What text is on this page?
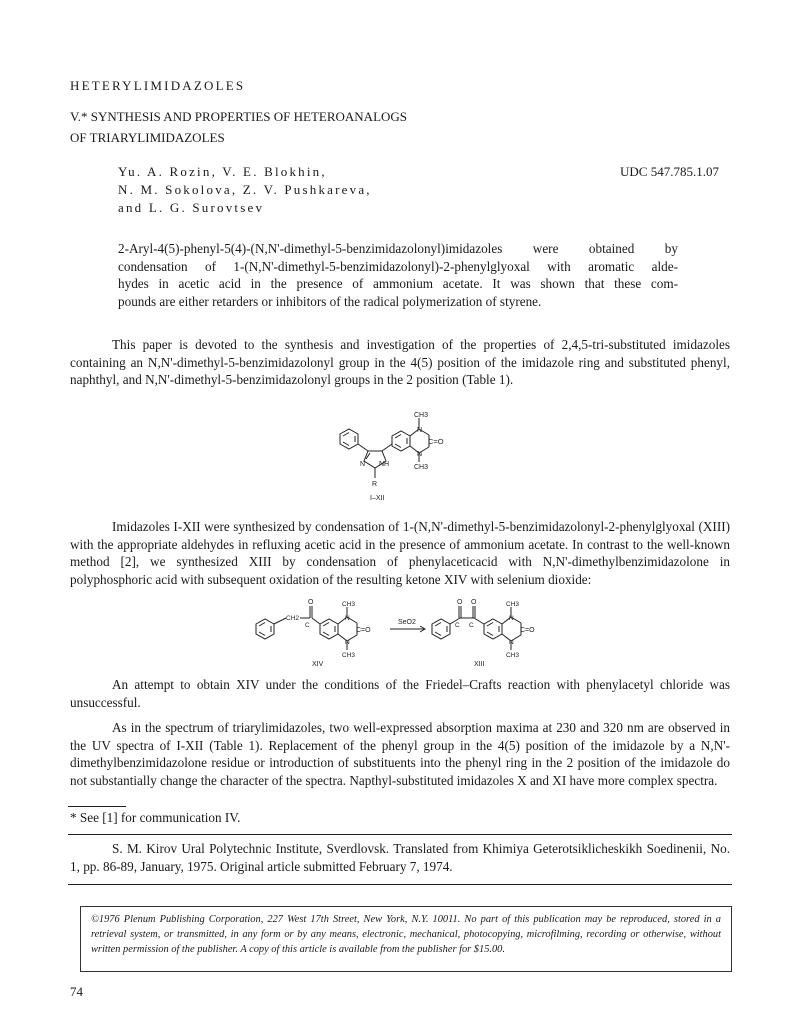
HETERYLIMIDAZOLES
V.* SYNTHESIS AND PROPERTIES OF HETEROANALOGS
OF TRIARYLIMIDAZOLES
Yu. A. Rozin, V. E. Blokhin,
N. M. Sokolova, Z. V. Pushkareva,
and L. G. Surovtsev
UDC 547.785.1.07
2-Aryl-4(5)-phenyl-5(4)-(N,N'-dimethyl-5-benzimidazolonyl)imidazoles were obtained by
condensation of 1-(N,N'-dimethyl-5-benzimidazolonyl)-2-phenylglyoxal with aromatic alde-
hydes in acetic acid in the presence of ammonium acetate. It was shown that these com-
pounds are either retarders or inhibitors of the radical polymerization of styrene.
This paper is devoted to the synthesis and investigation of the properties of 2,4,5-tri-substituted imidazoles containing an N,N'-dimethyl-5-benzimidazolonyl group in the 4(5) position of the imidazole ring and substituted phenyl, naphthyl, and N,N'-dimethyl-5-benzimidazolonyl groups in the 2 position (Table 1).
CH3
N
C=O
N
CH3
N NH
R
I–XII
Imidazoles I-XII were synthesized by condensation of 1-(N,N'-dimethyl-5-benzimidazolonyl-2-phenylglyoxal (XIII) with the appropriate aldehydes in refluxing acetic acid in the presence of ammonium acetate. In contrast to the well-known method [2], we synthesized XIII by condensation of phenylaceticacid with N,N'-dimethylbenzimidazolone in polyphosphoric acid with subsequent oxidation of the resulting ketone XIV with selenium dioxide:
O
CH2
C
CH3
N
C=O
N
CH3
XIV
SeO2
O O
C C
CH3
N
C=O
N
CH3
XIII
An attempt to obtain XIV under the conditions of the Friedel–Crafts reaction with phenylacetyl chloride was unsuccessful.
As in the spectrum of triarylimidazoles, two well-expressed absorption maxima at 230 and 320 nm are observed in the UV spectra of I-XII (Table 1). Replacement of the phenyl group in the 4(5) position of the imidazole by a N,N'-dimethylbenzimidazolone residue or introduction of substituents into the phenyl ring in the 2 position of the imidazole do not substantially change the character of the spectra. Napthyl-substituted imidazoles X and XI have more complex spectra.
* See [1] for communication IV.
S. M. Kirov Ural Polytechnic Institute, Sverdlovsk. Translated from Khimiya Geterotsiklicheskikh Soedinenii, No. 1, pp. 86-89, January, 1975. Original article submitted February 7, 1974.
©1976 Plenum Publishing Corporation, 227 West 17th Street, New York, N.Y. 10011. No part of this publication may be reproduced, stored in a retrieval system, or transmitted, in any form or by any means, electronic, mechanical, photocopying, microfilming, recording or otherwise, without written permission of the publisher. A copy of this article is available from the publisher for $15.00.
74
